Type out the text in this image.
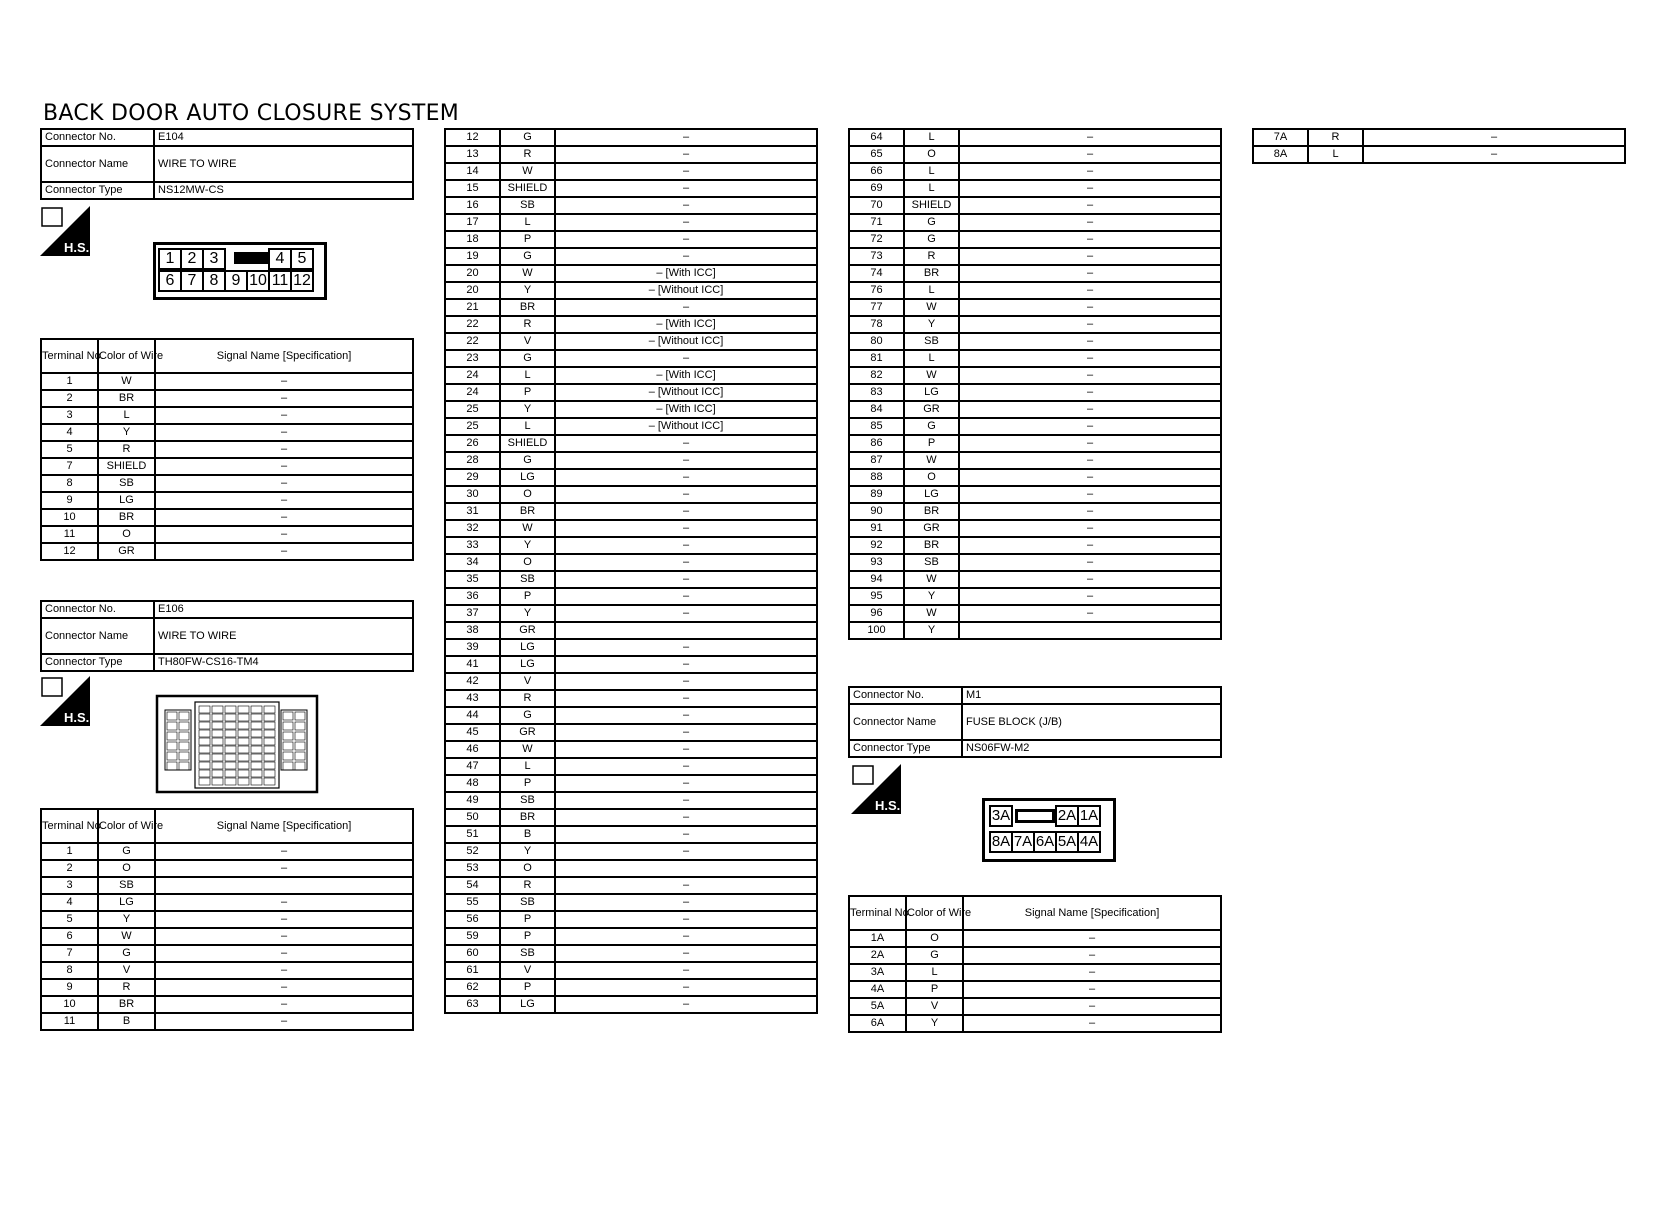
BACK DOOR AUTO CLOSURE SYSTEM
Connector No.	E104
Connector Name	WIRE TO WIRE
Connector Type	NS12MW-CS
H.S.
1 2 3	4 5
6 7 8 9 10 11 12
Terminal No.	Color of Wire	Signal Name [Specification]
1	W	–
2	BR	–
3	L	–
4	Y	–
5	R	–
7	SHIELD	–
8	SB	–
9	LG	–
10	BR	–
11	O	–
12	GR	–
Connector No.	E106
Connector Name	WIRE TO WIRE
Connector Type	TH80FW-CS16-TM4
H.S.
Terminal No.	Color of Wire	Signal Name [Specification]
1	G	–
2	O	–
3	SB	
4	LG	–
5	Y	–
6	W	–
7	G	–
8	V	–
9	R	–
10	BR	–
11	B	–
12	G	–
13	R	–
14	W	–
15	SHIELD	–
16	SB	–
17	L	–
18	P	–
19	G	–
20	W	– [With ICC]
20	Y	– [Without ICC]
21	BR	–
22	R	– [With ICC]
22	V	– [Without ICC]
23	G	–
24	L	– [With ICC]
24	P	– [Without ICC]
25	Y	– [With ICC]
25	L	– [Without ICC]
26	SHIELD	–
28	G	–
29	LG	–
30	O	–
31	BR	–
32	W	–
33	Y	–
34	O	–
35	SB	–
36	P	–
37	Y	–
38	GR	
39	LG	–
41	LG	–
42	V	–
43	R	–
44	G	–
45	GR	–
46	W	–
47	L	–
48	P	–
49	SB	–
50	BR	–
51	B	–
52	Y	–
53	O	
54	R	–
55	SB	–
56	P	–
59	P	–
60	SB	–
61	V	–
62	P	–
63	LG	–
64	L	–
65	O	–
66	L	–
69	L	–
70	SHIELD	–
71	G	–
72	G	–
73	R	–
74	BR	–
76	L	–
77	W	–
78	Y	–
80	SB	–
81	L	–
82	W	–
83	LG	–
84	GR	–
85	G	–
86	P	–
87	W	–
88	O	–
89	LG	–
90	BR	–
91	GR	–
92	BR	–
93	SB	–
94	W	–
95	Y	–
96	W	–
100	Y	
Connector No.	M1
Connector Name	FUSE BLOCK (J/B)
Connector Type	NS06FW-M2
H.S.
3A	2A 1A
8A 7A 6A 5A 4A
Terminal No.	Color of Wire	Signal Name [Specification]
1A	O	–
2A	G	–
3A	L	–
4A	P	–
5A	V	–
6A	Y	–
7A	R	–
8A	L	–
